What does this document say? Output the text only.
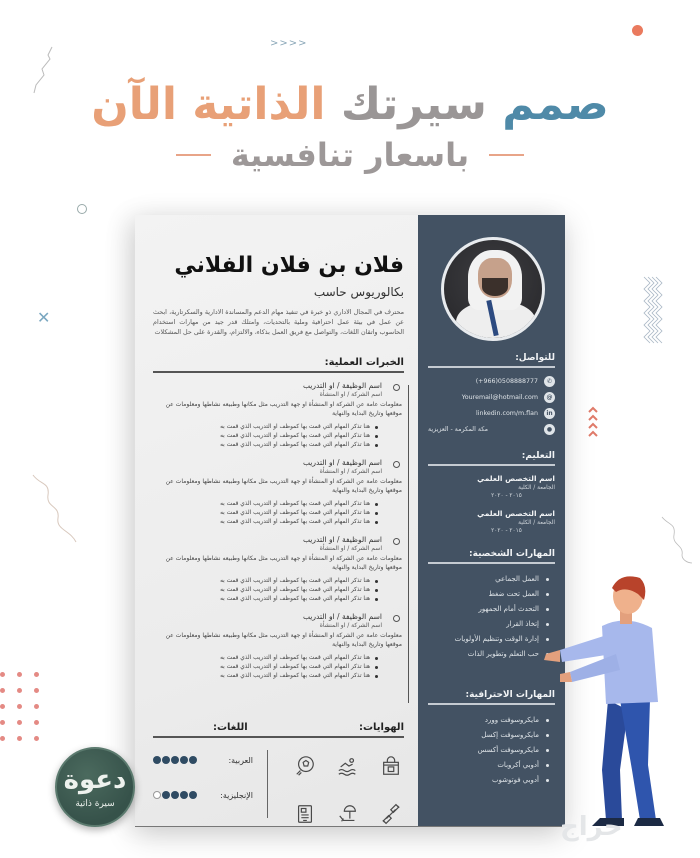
>>>>
✕
صمم سيرتك الذاتية الآن
باسعار تنافسية
فلان بن فلان الفلاني
بكالوريوس حاسب
محترف في المجال الاداري ذو خبرة في تنفيذ مهام الدعم والمساندة الادارية والسكرتارية، ابحث عن عمل في بيئة عمل احترافية وملية بالتحديات، وامتلك قدر جيد من مهارات استخدام الحاسوب واتقان اللغات، والتواصل مع فريق العمل بذكاء، والالتزام، والقدرة على حل المشكلات
الخبرات العملية:
اسم الوظيفة / او التدريب
اسم الشركة / او المنشأة
معلومات عامة عن الشركة او المنشأة او جهة التدريب مثل مكانها وطبيعه نشاطها ومعلومات عن موقعها وتاريخ البداية والنهاية
هنا تذكر المهام التي قمت بها كموظف او التدريب الذي قمت به
هنا تذكر المهام التي قمت بها كموظف او التدريب الذي قمت به
هنا تذكر المهام التي قمت بها كموظف او التدريب الذي قمت به
اسم الوظيفة / او التدريب
اسم الشركة / او المنشأة
معلومات عامة عن الشركة او المنشأة او جهة التدريب مثل مكانها وطبيعه نشاطها ومعلومات عن موقعها وتاريخ البداية والنهاية
هنا تذكر المهام التي قمت بها كموظف او التدريب الذي قمت به
هنا تذكر المهام التي قمت بها كموظف او التدريب الذي قمت به
هنا تذكر المهام التي قمت بها كموظف او التدريب الذي قمت به
اسم الوظيفة / او التدريب
اسم الشركة / او المنشأة
معلومات عامة عن الشركة او المنشأة او جهة التدريب مثل مكانها وطبيعه نشاطها ومعلومات عن موقعها وتاريخ البداية والنهاية
هنا تذكر المهام التي قمت بها كموظف او التدريب الذي قمت به
هنا تذكر المهام التي قمت بها كموظف او التدريب الذي قمت به
هنا تذكر المهام التي قمت بها كموظف او التدريب الذي قمت به
اسم الوظيفة / او التدريب
اسم الشركة / او المنشأة
معلومات عامة عن الشركة او المنشأة او جهة التدريب مثل مكانها وطبيعه نشاطها ومعلومات عن موقعها وتاريخ البداية والنهاية
هنا تذكر المهام التي قمت بها كموظف او التدريب الذي قمت به
هنا تذكر المهام التي قمت بها كموظف او التدريب الذي قمت به
هنا تذكر المهام التي قمت بها كموظف او التدريب الذي قمت به
الهوايات:
اللغات:
العربية:
الإنجليزية:
للتواصل:
✆
(+966)0508888777
@
Youremail@hotmail.com
in
linkedin.com/m.flan
●
مكة المكرمة - العزيزية
التعليم:
اسم التخصص العلمي
الجامعة / الكلية
٢٠١٥ - ٢٠٢٠
اسم التخصص العلمي
الجامعة / الكلية
٢٠١٥ - ٢٠٢٠
المهارات الشخصية:
العمل الجماعي
العمل تحت ضغط
التحدث أمام الجمهور
إتخاذ القرار
إدارة الوقت وتنظيم الأولويات
حب التعلم وتطوير الذات
المهارات الاحترافية:
مايكروسوفت وورد
مايكروسوفت إكسل
مايكروسوفت أكسس
أدوبي أكروبات
أدوبي فوتوشوب
دعوة
سيرة ذاتية
حراج
